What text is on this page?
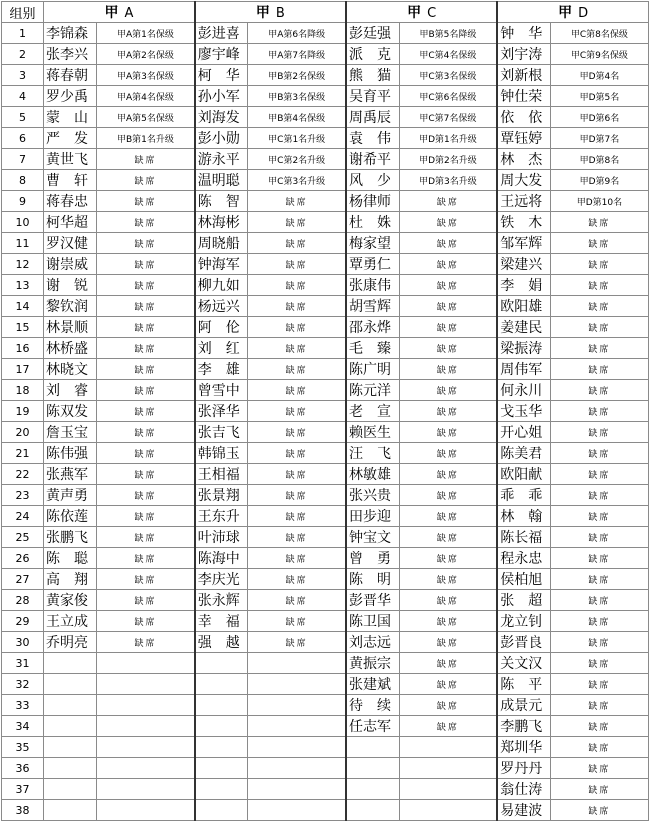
组别	甲 A		甲 B		甲 C		甲 D	
1	李锦森	甲A第1名保级	彭进喜	甲A第6名降级	彭廷强	甲B第5名降级	钟　华	甲C第8名保级
2	张李兴	甲A第2名保级	廖宇峰	甲A第7名降级	派　克	甲C第4名保级	刘宇涛	甲C第9名保级
3	蒋春朝	甲A第3名保级	柯　华	甲B第2名保级	熊　猫	甲C第3名保级	刘新根	甲D第4名
4	罗少禹	甲A第4名保级	孙小军	甲B第3名保级	吴育平	甲C第6名保级	钟仕荣	甲D第5名
5	蒙　山	甲A第5名保级	刘海发	甲B第4名保级	周禹辰	甲C第7名保级	依　依	甲D第6名
6	严　发	甲B第1名升级	彭小勋	甲C第1名升级	袁　伟	甲D第1名升级	覃钰婷	甲D第7名
7	黄世飞	缺席	游永平	甲C第2名升级	谢希平	甲D第2名升级	林　杰	甲D第8名
8	曹　轩	缺席	温明聪	甲C第3名升级	风　少	甲D第3名升级	周大发	甲D第9名
9	蒋春忠	缺席	陈　智	缺席	杨律师	缺席	王远将	甲D第10名
10	柯华超	缺席	林海彬	缺席	杜　姝	缺席	铁　木	缺席
11	罗汉健	缺席	周晓船	缺席	梅家望	缺席	邹军辉	缺席
12	谢崇威	缺席	钟海军	缺席	覃勇仁	缺席	梁建兴	缺席
13	谢　锐	缺席	柳九如	缺席	张康伟	缺席	李　娟	缺席
14	黎钦润	缺席	杨远兴	缺席	胡雪辉	缺席	欧阳雄	缺席
15	林景顺	缺席	阿　伦	缺席	邵永烨	缺席	姜建民	缺席
16	林桥盛	缺席	刘　红	缺席	毛　臻	缺席	梁振涛	缺席
17	林晓文	缺席	李　雄	缺席	陈广明	缺席	周伟军	缺席
18	刘　睿	缺席	曾雪中	缺席	陈元洋	缺席	何永川	缺席
19	陈双发	缺席	张泽华	缺席	老　宣	缺席	戈玉华	缺席
20	詹玉宝	缺席	张吉飞	缺席	赖医生	缺席	开心姐	缺席
21	陈伟强	缺席	韩锦玉	缺席	汪　飞	缺席	陈美君	缺席
22	张燕军	缺席	王相福	缺席	林敏雄	缺席	欧阳献	缺席
23	黄声勇	缺席	张景翔	缺席	张兴贵	缺席	乖　乖	缺席
24	陈依莲	缺席	王东升	缺席	田步迎	缺席	林　翰	缺席
25	张鹏飞	缺席	叶沛球	缺席	钟宝文	缺席	陈长福	缺席
26	陈　聪	缺席	陈海中	缺席	曾　勇	缺席	程永忠	缺席
27	高　翔	缺席	李庆光	缺席	陈　明	缺席	侯柏旭	缺席
28	黄家俊	缺席	张永辉	缺席	彭晋华	缺席	张　超	缺席
29	王立成	缺席	幸　福	缺席	陈卫国	缺席	龙立钊	缺席
30	乔明亮	缺席	强　越	缺席	刘志远	缺席	彭晋良	缺席
31					黄振宗	缺席	关文汉	缺席
32					张建斌	缺席	陈　平	缺席
33					待　续	缺席	成景元	缺席
34					任志军	缺席	李鹏飞	缺席
35							郑圳华	缺席
36							罗丹丹	缺席
37							翁仕涛	缺席
38							易建波	缺席
